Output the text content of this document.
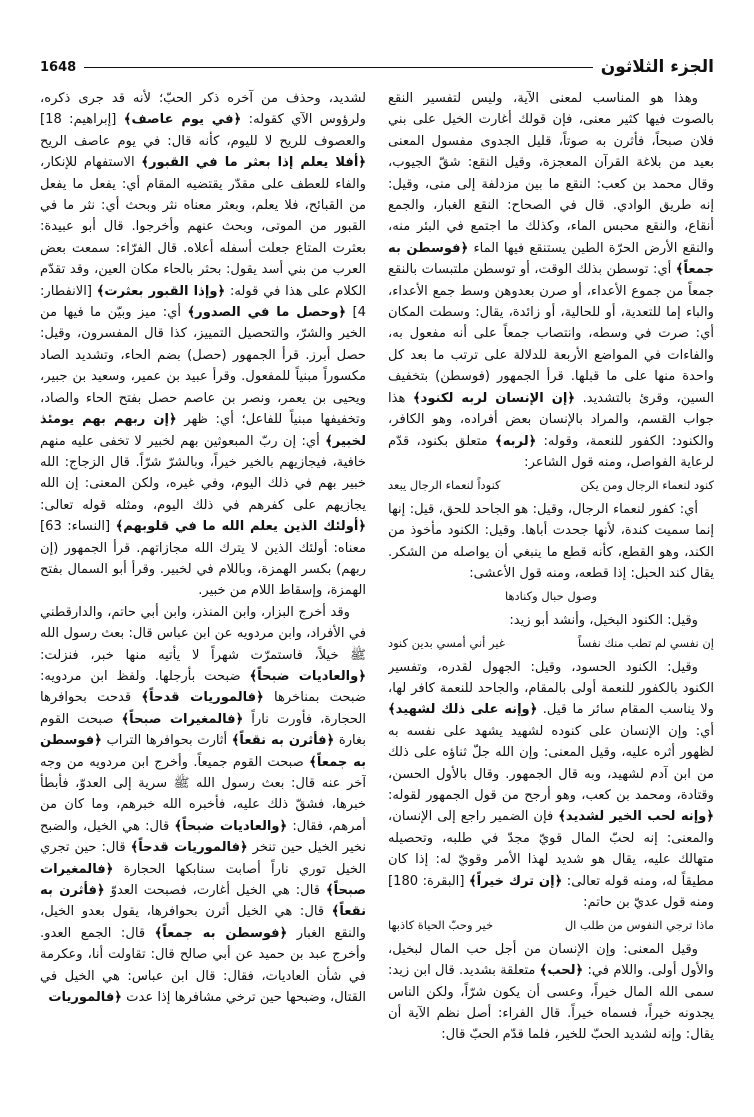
الجزء الثلاثون
1648

وهذا هو المناسب لمعنى الآية، وليس لتفسير النقع بالصوت فيها كثير معنى، فإن قولك أغارت الخيل على بني فلان صبحاً، فأثرن به صوتاً، قليل الجدوى مفسول المعنى بعيد من بلاغة القرآن المعجزة، وقيل النقع: شقّ الجيوب، وقال محمد بن كعب: النقع ما بين مزدلفة إلى منى، وقيل: إنه طريق الوادي. قال في الصحاح: النقع الغبار، والجمع أنقاع، والنقع محبس الماء، وكذلك ما اجتمع في البئر منه، والنقع الأرض الحرّة الطين يستنقع فيها الماء ﴿فوسطن به جمعاً﴾ أي: توسطن بذلك الوقت، أو توسطن ملتبسات بالنقع جمعاً من جموع الأعداء، أو صرن بعدوهن وسط جمع الأعداء، والباء إما للتعدية، أو للحالية، أو زائدة، يقال: وسطت المكان أي: صرت في وسطه، وانتصاب جمعاً على أنه مفعول به، والفاءات في المواضع الأربعة للدلالة على ترتب ما بعد كل واحدة منها على ما قبلها. قرأ الجمهور (فوسطن) بتخفيف السين، وقرئ بالتشديد. ﴿إن الإنسان لربه لكنود﴾ هذا جواب القسم، والمراد بالإنسان بعض أفراده، وهو الكافر، والكنود: الكفور للنعمة، وقوله: ﴿لربه﴾ متعلق بكنود، قدّم لرعاية الفواصل، ومنه قول الشاعر:

كنود لنعماء الرجال ومن يكن
كنوداً لنعماء الرجال يبعد

أي: كفور لنعماء الرجال، وقيل: هو الجاحد للحق، قيل: إنها إنما سميت كندة، لأنها جحدت أباها. وقيل: الكنود مأخوذ من الكند، وهو القطع، كأنه قطع ما ينبغي أن يواصله من الشكر. يقال كند الحبل: إذا قطعه، ومنه قول الأعشى:

وصول حبال وكنادها

وقيل: الكنود البخيل، وأنشد أبو زيد:

إن نفسي لم تطب منك نفساً
غير أني أمسي بدين كنود

وقيل: الكنود الحسود، وقيل: الجهول لقدره، وتفسير الكنود بالكفور للنعمة أولى بالمقام، والجاحد للنعمة كافر لها، ولا يناسب المقام سائر ما قيل. ﴿وإنه على ذلك لشهيد﴾ أي: وإن الإنسان على كنوده لشهيد يشهد على نفسه به لظهور أثره عليه، وقيل المعنى: وإن الله جلّ ثناؤه على ذلك من ابن آدم لشهيد، وبه قال الجمهور. وقال بالأول الحسن، وقتادة، ومحمد بن كعب، وهو أرجح من قول الجمهور لقوله: ﴿وإنه لحب الخير لشديد﴾ فإن الضمير راجع إلى الإنسان، والمعنى: إنه لحبّ المال قويّ مجدّ في طلبه، وتحصيله متهالك عليه، يقال هو شديد لهذا الأمر وقويّ له: إذا كان مطيقاً له، ومنه قوله تعالى: ﴿إن ترك خيراً﴾ [البقرة: 180] ومنه قول عديّ بن حاتم:

ماذا ترجي النفوس من طلب ال
خير وحبّ الحياة كاذبها

وقيل المعنى: وإن الإنسان من أجل حب المال لبخيل، والأول أولى. واللام في: ﴿لحب﴾ متعلقة بشديد. قال ابن زيد: سمى الله المال خيراً، وعسى أن يكون شرّاً، ولكن الناس يجدونه خيراً، فسماه خيراً. قال الفراء: أصل نظم الآية أن يقال: وإنه لشديد الحبّ للخير، فلما قدّم الحبّ قال:

لشديد، وحذف من آخره ذكر الحبّ؛ لأنه قد جرى ذكره، ولرؤوس الآي كقوله: ﴿في يوم عاصف﴾ [إبراهيم: 18] والعصوف للريح لا لليوم، كأنه قال: في يوم عاصف الريح ﴿أفلا يعلم إذا بعثر ما في القبور﴾ الاستفهام للإنكار، والفاء للعطف على مقدّر يقتضيه المقام أي: يفعل ما يفعل من القبائح، فلا يعلم، وبعثر معناه نثر وبحث أي: نثر ما في القبور من الموتى، وبحث عنهم وأخرجوا. قال أبو عبيدة: بعثرت المتاع جعلت أسفله أعلاه. قال الفرّاء: سمعت بعض العرب من بني أسد يقول: بحثر بالحاء مكان العين، وقد تقدّم الكلام على هذا في قوله: ﴿وإذا القبور بعثرت﴾ [الانفطار: 4] ﴿وحصل ما في الصدور﴾ أي: ميز وبيّن ما فيها من الخير والشرّ، والتحصيل التمييز، كذا قال المفسرون، وقيل: حصل أبرز. قرأ الجمهور (حصل) بضم الحاء، وتشديد الصاد مكسوراً مبنياً للمفعول. وقرأ عبيد بن عمير، وسعيد بن جبير، ويحيى بن يعمر، ونصر بن عاصم حصل بفتح الحاء والصاد، وتخفيفها مبنياً للفاعل؛ أي: ظهر ﴿إن ربهم بهم يومئذ لخبير﴾ أي: إن ربّ المبعوثين بهم لخبير لا تخفى عليه منهم خافية، فيجازيهم بالخير خيراً، وبالشرّ شرّاً. قال الزجاج: الله خبير بهم في ذلك اليوم، وفي غيره، ولكن المعنى: إن الله يجازيهم على كفرهم في ذلك اليوم، ومثله قوله تعالى: ﴿أولئك الذين يعلم الله ما في قلوبهم﴾ [النساء: 63] معناه: أولئك الذين لا يترك الله مجازاتهم. قرأ الجمهور (إن ربهم) بكسر الهمزة، وباللام في لخبير. وقرأ أبو السمال بفتح الهمزة، وإسقاط اللام من خبير.

وقد أخرج البزار، وابن المنذر، وابن أبي حاتم، والدارقطني في الأفراد، وابن مردويه عن ابن عباس قال: بعث رسول الله ﷺ خيلاً، فاستمرّت شهراً لا يأتيه منها خبر، فنزلت: ﴿والعاديات ضبحاً﴾ ضبحت بأرجلها. ولفظ ابن مردويه: ضبحت بمناخرها ﴿فالموريات قدحاً﴾ قدحت بحوافرها الحجارة، فأورت ناراً ﴿فالمغيرات صبحاً﴾ صبحت القوم بغارة ﴿فأثرن به نقعاً﴾ أثارت بحوافرها التراب ﴿فوسطن به جمعاً﴾ صبحت القوم جميعاً. وأخرج ابن مردويه من وجه آخر عنه قال: بعث رسول الله ﷺ سرية إلى العدوّ، فأبطأ خبرها، فشقّ ذلك عليه، فأخبره الله خبرهم، وما كان من أمرهم، فقال: ﴿والعاديات ضبحاً﴾ قال: هي الخيل، والضبح نخير الخيل حين تنخر ﴿فالموريات قدحاً﴾ قال: حين تجري الخيل توري ناراً أصابت سنابكها الحجارة ﴿فالمغيرات صبحاً﴾ قال: هي الخيل أغارت، فصبحت العدوّ ﴿فأثرن به نقعاً﴾ قال: هي الخيل أثرن بحوافرها، يقول بعدو الخيل، والنقع الغبار ﴿فوسطن به جمعاً﴾ قال: الجمع العدو. وأخرج عبد بن حميد عن أبي صالح قال: تقاولت أنا، وعكرمة في شأن العاديات، فقال: قال ابن عباس: هي الخيل في القتال، وضبحها حين ترخي مشافرها إذا عدت ﴿فالموريات
